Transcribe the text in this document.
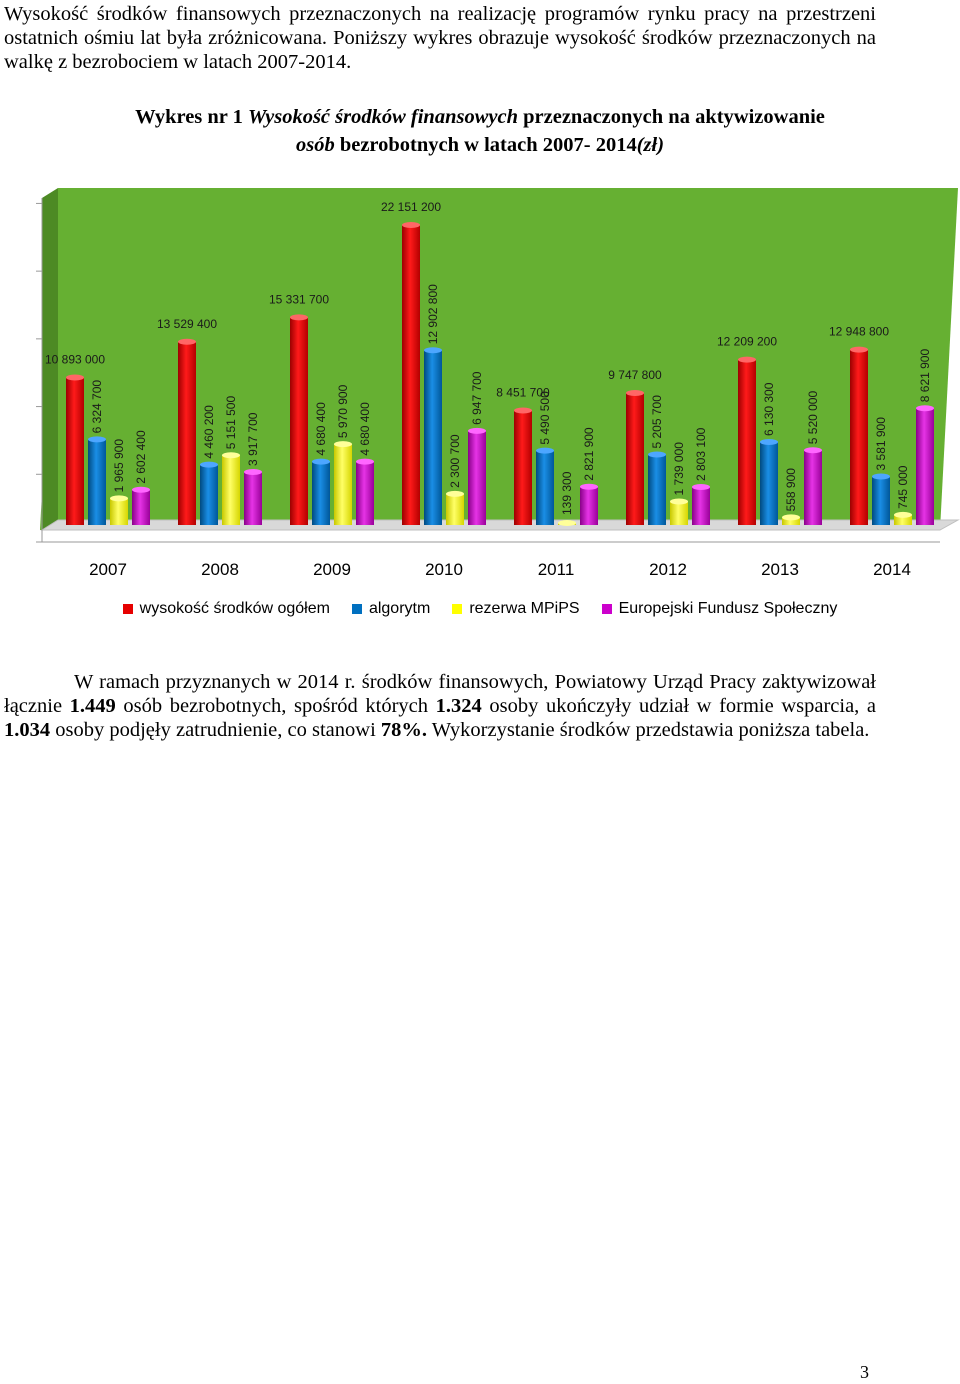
Wysokość środków finansowych przeznaczonych na realizację programów rynku pracy na przestrzeni ostatnich ośmiu lat była zróżnicowana. Poniższy wykres obrazuje wysokość środków przeznaczonych na walkę z bezrobociem w latach 2007-2014.

Wykres nr 1 Wysokość środków finansowych przeznaczonych na aktywizowanie
osób bezrobotnych w latach 2007- 2014(zł)
10 893 000
6 324 700
1 965 900 2 602 400
13 529 400
4 460 200 5 151 500 3 917 700
15 331 700
4 680 400 5 970 900 4 680 400
22 151 200
12 902 800
2 300 700
6 947 700 8 451 700
5 490 500
139 300
2 821 900
9 747 800
5 205 700
1 739 000 2 803 100
12 209 200
6 130 300
558 900
5 520 000
12 948 800
3 581 900
745 000
8 621 900
2007	2008	2009	2010	2011	2012	2013	2014
wysokość środków ogółem algorytm rezerwa MPiPS Europejski Fundusz Społeczny

W ramach przyznanych w 2014 r. środków finansowych, Powiatowy Urząd Pracy zaktywizował łącznie 1.449 osób bezrobotnych, spośród których 1.324 osoby ukończyły udział w formie wsparcia, a 1.034 osoby podjęły zatrudnienie, co stanowi 78%. Wykorzystanie środków przedstawia poniższa tabela.

3
